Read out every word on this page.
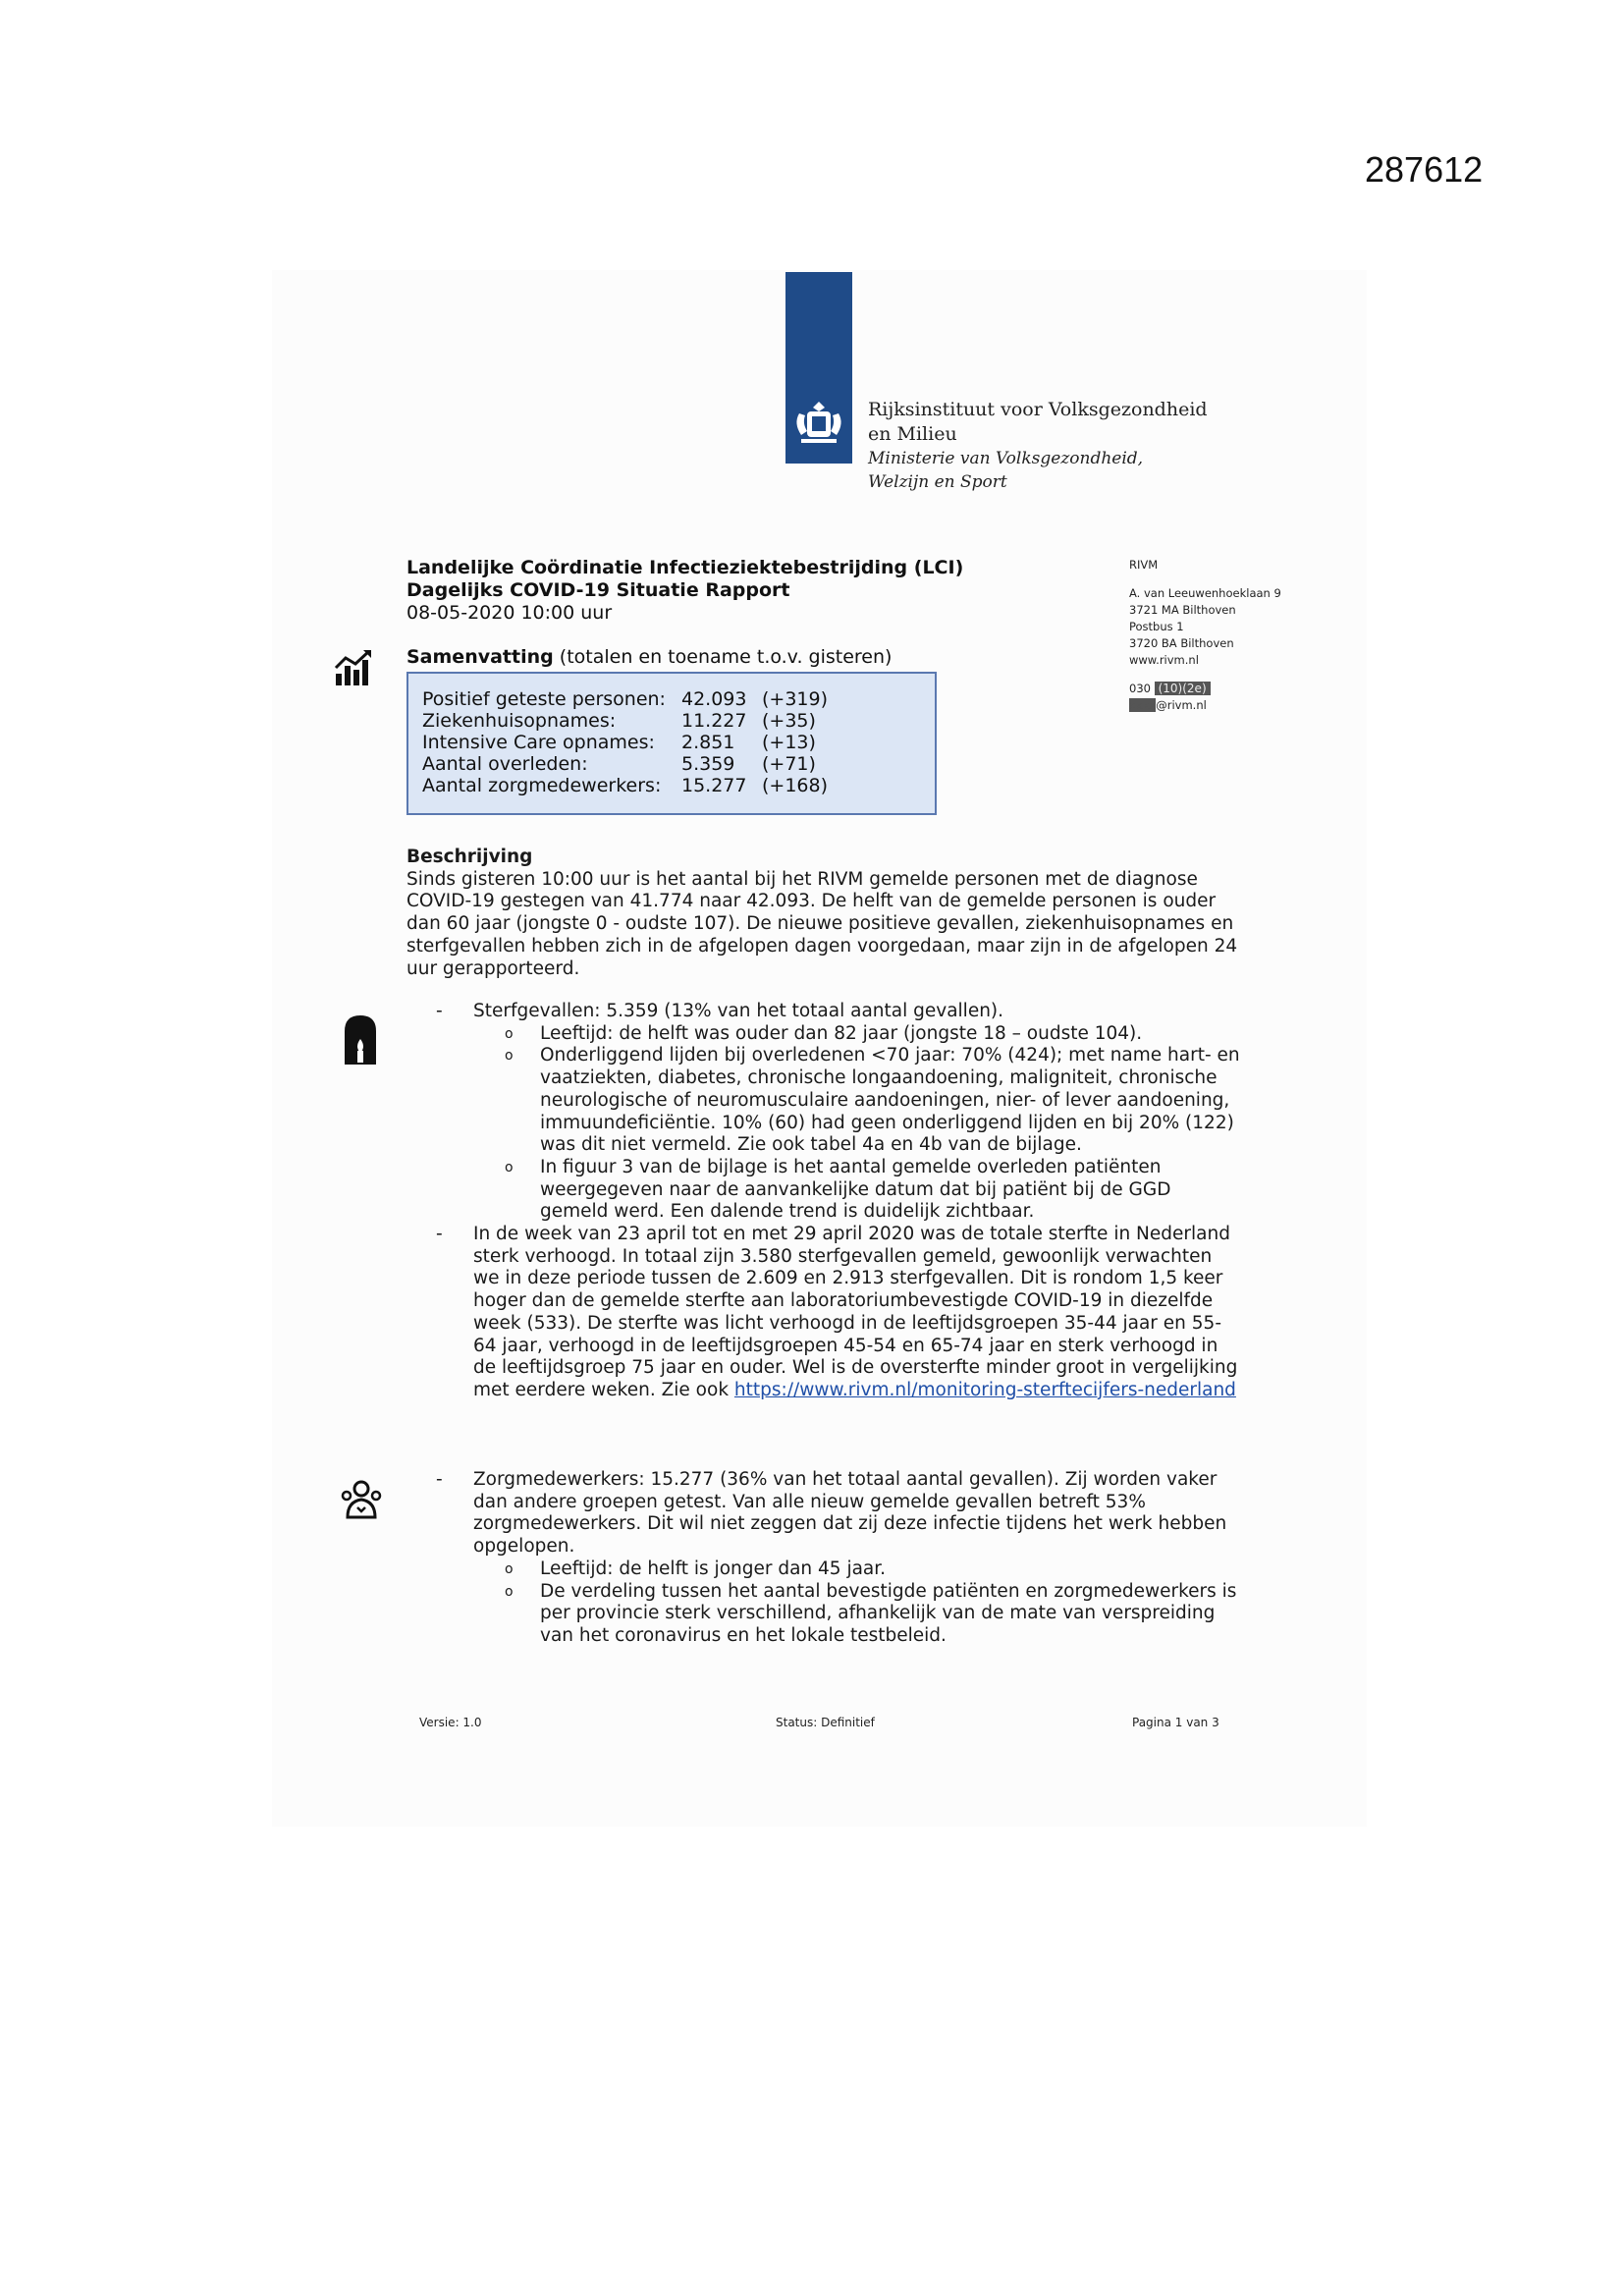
287612
Rijksinstituut voor Volksgezondheid
en Milieu
Ministerie van Volksgezondheid,
Welzijn en Sport
RIVM
A. van Leeuwenhoeklaan 9
3721 MA Bilthoven
Postbus 1
3720 BA Bilthoven
www.rivm.nl
030 (10)(2e)
xxxx@rivm.nl
Landelijke Coördinatie Infectieziektebestrijding (LCI)
Dagelijks COVID-19 Situatie Rapport
08-05-2020 10:00 uur
Samenvatting (totalen en toename t.o.v. gisteren)
Positief geteste personen: 42.093 (+319)
Ziekenhuisopnames:	11.227 (+35)
Intensive Care opnames: 2.851 (+13)
Aantal overleden:	5.359 (+71)
Aantal zorgmedewerkers: 15.277 (+168)
Beschrijving
Sinds gisteren 10:00 uur is het aantal bij het RIVM gemelde personen met de diagnose COVID-19 gestegen van 41.774 naar 42.093. De helft van de gemelde personen is ouder dan 60 jaar (jongste 0 - oudste 107). De nieuwe positieve gevallen, ziekenhuisopnames en sterfgevallen hebben zich in de afgelopen dagen voorgedaan, maar zijn in de afgelopen 24 uur gerapporteerd.
- Sterfgevallen: 5.359 (13% van het totaal aantal gevallen).
o Leeftijd: de helft was ouder dan 82 jaar (jongste 18 – oudste 104).
o Onderliggend lijden bij overledenen <70 jaar: 70% (424); met name hart- en vaatziekten, diabetes, chronische longaandoening, maligniteit, chronische neurologische of neuromusculaire aandoeningen, nier- of lever aandoening, immuundeficiëntie. 10% (60) had geen onderliggend lijden en bij 20% (122) was dit niet vermeld. Zie ook tabel 4a en 4b van de bijlage.
o In figuur 3 van de bijlage is het aantal gemelde overleden patiënten weergegeven naar de aanvankelijke datum dat bij patiënt bij de GGD gemeld werd. Een dalende trend is duidelijk zichtbaar.
- In de week van 23 april tot en met 29 april 2020 was de totale sterfte in Nederland sterk verhoogd. In totaal zijn 3.580 sterfgevallen gemeld, gewoonlijk verwachten we in deze periode tussen de 2.609 en 2.913 sterfgevallen. Dit is rondom 1,5 keer hoger dan de gemelde sterfte aan laboratoriumbevestigde COVID-19 in diezelfde week (533). De sterfte was licht verhoogd in de leeftijdsgroepen 35-44 jaar en 55-64 jaar, verhoogd in de leeftijdsgroepen 45-54 en 65-74 jaar en sterk verhoogd in de leeftijdsgroep 75 jaar en ouder. Wel is de oversterfte minder groot in vergelijking met eerdere weken. Zie ook https://www.rivm.nl/monitoring-sterftecijfers-nederland
- Zorgmedewerkers: 15.277 (36% van het totaal aantal gevallen). Zij worden vaker dan andere groepen getest. Van alle nieuw gemelde gevallen betreft 53% zorgmedewerkers. Dit wil niet zeggen dat zij deze infectie tijdens het werk hebben opgelopen.
o Leeftijd: de helft is jonger dan 45 jaar.
o De verdeling tussen het aantal bevestigde patiënten en zorgmedewerkers is per provincie sterk verschillend, afhankelijk van de mate van verspreiding van het coronavirus en het lokale testbeleid.
Versie: 1.0	Status: Definitief	Pagina 1 van 3
